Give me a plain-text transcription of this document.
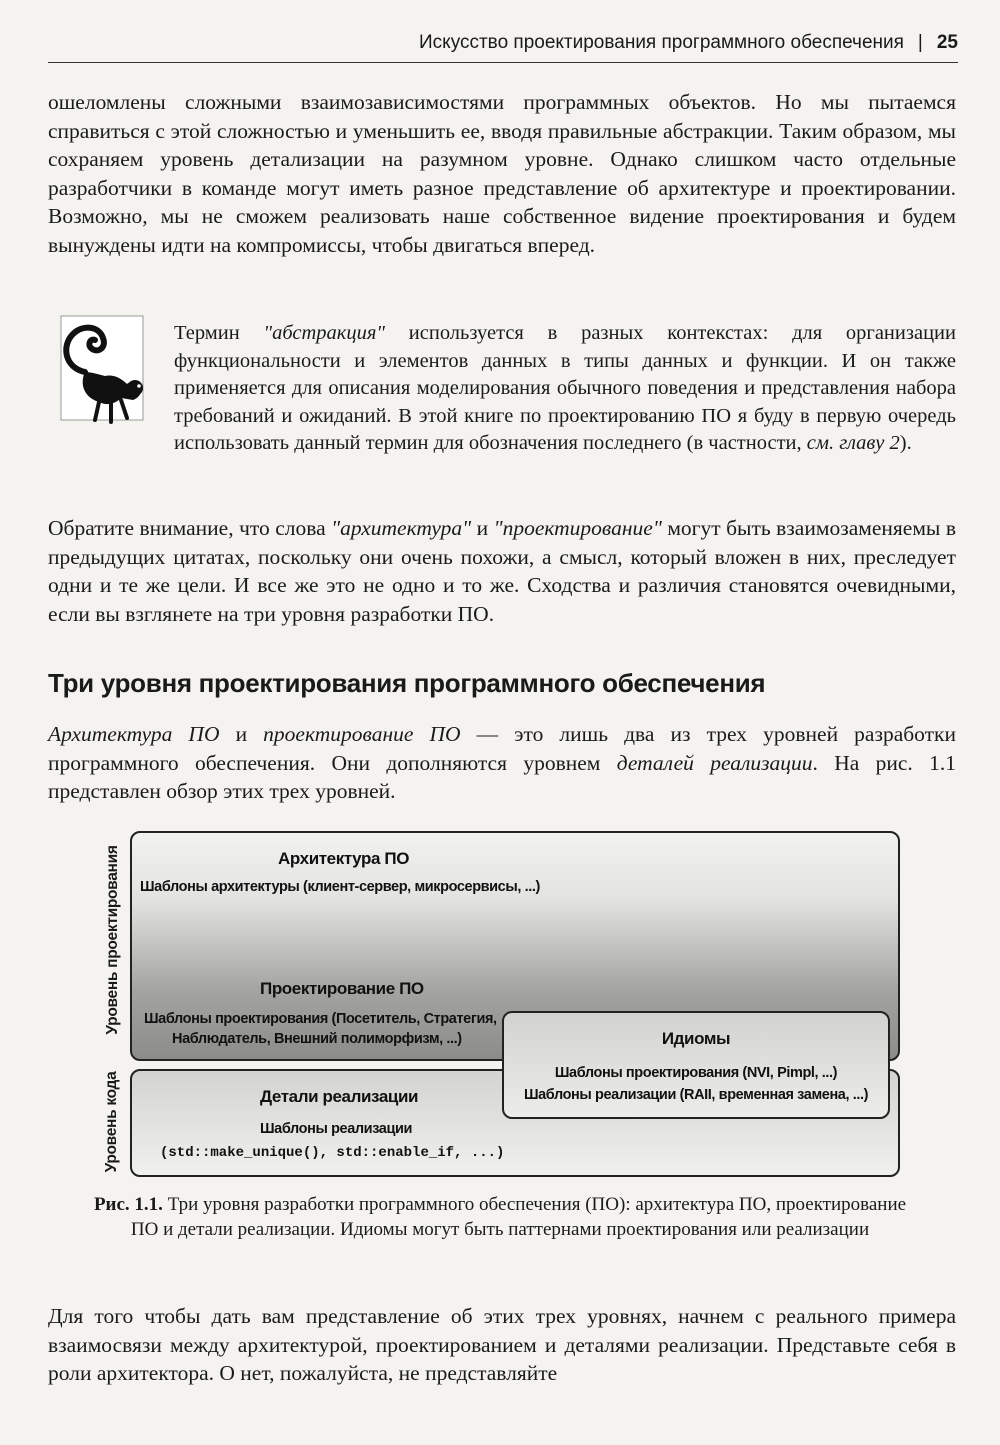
Искусство проектирования программного обеспечения | 25

ошеломлены сложными взаимозависимостями программных объектов. Но мы пытаемся справиться с этой сложностью и уменьшить ее, вводя правильные абстракции. Таким образом, мы сохраняем уровень детализации на разумном уровне. Однако слишком часто отдельные разработчики в команде могут иметь разное представление об архитектуре и проектировании. Возможно, мы не сможем реализовать наше собственное видение проектирования и будем вынуждены идти на компромиссы, чтобы двигаться вперед.

Термин "абстракция" используется в разных контекстах: для организации функциональности и элементов данных в типы данных и функции. И он также применяется для описания моделирования обычного поведения и представления набора требований и ожиданий. В этой книге по проектированию ПО я буду в первую очередь использовать данный термин для обозначения последнего (в частности, см. главу 2).

Обратите внимание, что слова "архитектура" и "проектирование" могут быть взаимозаменяемы в предыдущих цитатах, поскольку они очень похожи, а смысл, который вложен в них, преследует одни и те же цели. И все же это не одно и то же. Сходства и различия становятся очевидными, если вы взглянете на три уровня разработки ПО.

Три уровня проектирования программного обеспечения

Архитектура ПО и проектирование ПО — это лишь два из трех уровней разработки программного обеспечения. Они дополняются уровнем деталей реализации. На рис. 1.1 представлен обзор этих трех уровней.

Уровень проектирования
Уровень кода
Архитектура ПО
Шаблоны архитектуры (клиент-сервер, микросервисы, ...)
Проектирование ПО
Шаблоны проектирования (Посетитель, Стратегия,
Наблюдатель, Внешний полиморфизм, ...)
Детали реализации
Шаблоны реализации
(std::make_unique(), std::enable_if, ...)
Идиомы
Шаблоны проектирования (NVI, Pimpl, ...)
Шаблоны реализации (RAII, временная замена, ...)

Рис. 1.1. Три уровня разработки программного обеспечения (ПО): архитектура ПО, проектирование ПО и детали реализации. Идиомы могут быть паттернами проектирования или реализации

Для того чтобы дать вам представление об этих трех уровнях, начнем с реального примера взаимосвязи между архитектурой, проектированием и деталями реализации. Представьте себя в роли архитектора. О нет, пожалуйста, не представляйте
